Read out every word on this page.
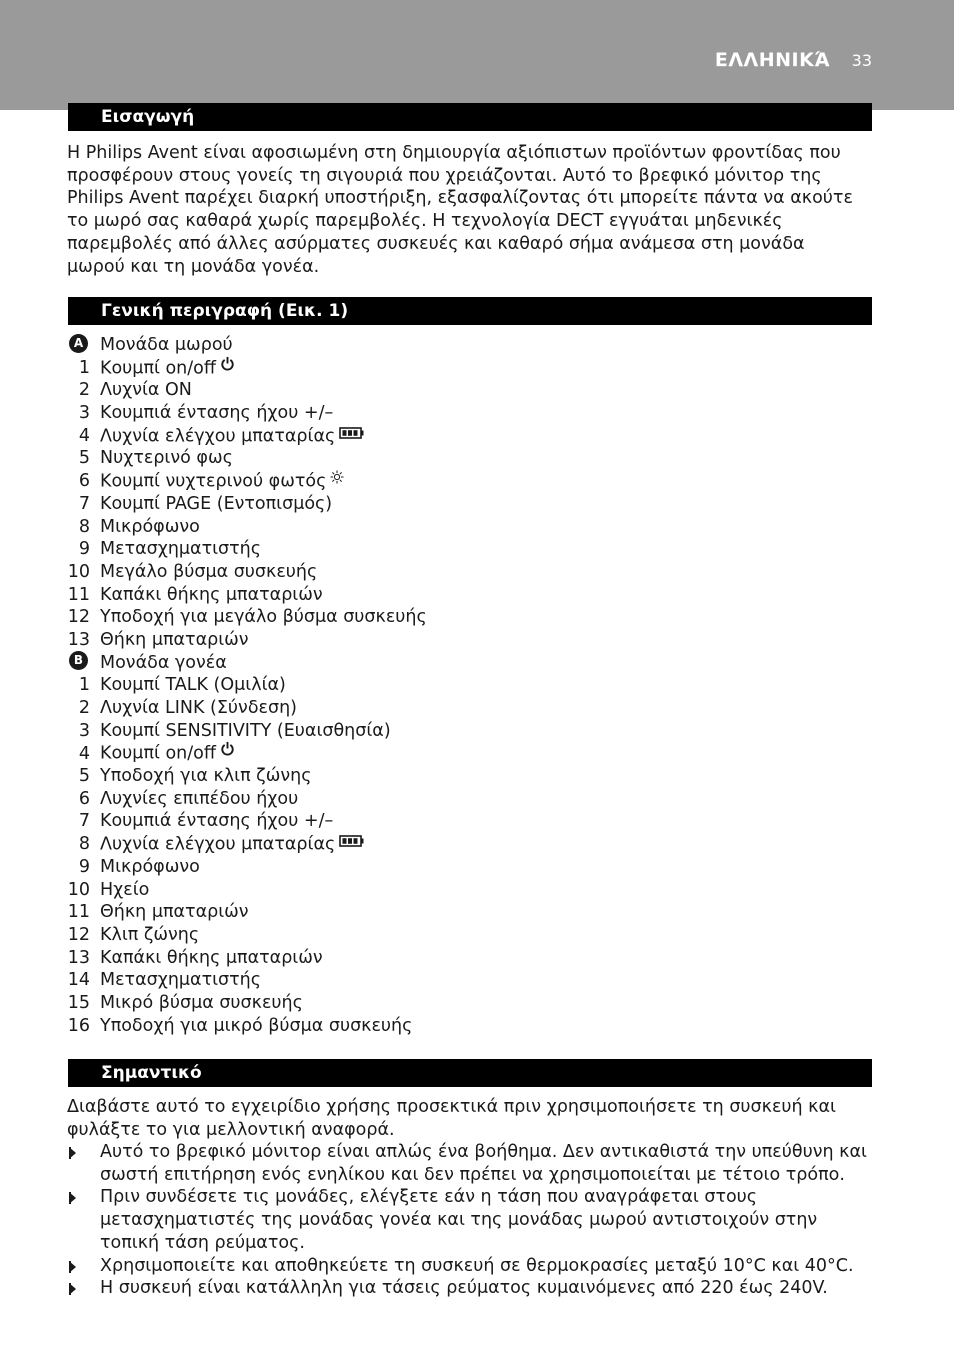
ΕΛΛΗΝΙΚΆ 33
Εισαγωγή

Η Philips Avent είναι αφοσιωμένη στη δημιουργία αξιόπιστων προϊόντων φροντίδας που προσφέρουν στους γονείς τη σιγουριά που χρειάζονται. Αυτό το βρεφικό μόνιτορ της Philips Avent παρέχει διαρκή υποστήριξη, εξασφαλίζοντας ότι μπορείτε πάντα να ακούτε το μωρό σας καθαρά χωρίς παρεμβολές. Η τεχνολογία DECT εγγυάται μηδενικές παρεμβολές από άλλες ασύρματες συσκευές και καθαρό σήμα ανάμεσα στη μονάδα μωρού και τη μονάδα γονέα.

Γενική περιγραφή (Εικ. 1)
A Μονάδα μωρού
1 Κουμπί on/off
2 Λυχνία ON
3 Κουμπιά έντασης ήχου +/–
4 Λυχνία ελέγχου μπαταρίας
5 Νυχτερινό φως
6 Κουμπί νυχτερινού φωτός
7 Κουμπί PAGE (Εντοπισμός)
8 Μικρόφωνο
9 Μετασχηματιστής
10 Μεγάλο βύσμα συσκευής
11 Καπάκι θήκης μπαταριών
12 Υποδοχή για μεγάλο βύσμα συσκευής
13 Θήκη μπαταριών
B Μονάδα γονέα
1 Κουμπί TALK (Ομιλία)
2 Λυχνία LINK (Σύνδεση)
3 Κουμπί SENSITIVITY (Ευαισθησία)
4 Κουμπί on/off
5 Υποδοχή για κλιπ ζώνης
6 Λυχνίες επιπέδου ήχου
7 Κουμπιά έντασης ήχου +/–
8 Λυχνία ελέγχου μπαταρίας
9 Μικρόφωνο
10 Ηχείο
11 Θήκη μπαταριών
12 Κλιπ ζώνης
13 Καπάκι θήκης μπαταριών
14 Μετασχηματιστής
15 Μικρό βύσμα συσκευής
16 Υποδοχή για μικρό βύσμα συσκευής
Σημαντικό

Διαβάστε αυτό το εγχειρίδιο χρήσης προσεκτικά πριν χρησιμοποιήσετε τη συσκευή και φυλάξτε το για μελλοντική αναφορά.

Αυτό το βρεφικό μόνιτορ είναι απλώς ένα βοήθημα. Δεν αντικαθιστά την υπεύθυνη και σωστή επιτήρηση ενός ενηλίκου και δεν πρέπει να χρησιμοποιείται με τέτοιο τρόπο.
Πριν συνδέσετε τις μονάδες, ελέγξετε εάν η τάση που αναγράφεται στους μετασχηματιστές της μονάδας γονέα και της μονάδας μωρού αντιστοιχούν στην τοπική τάση ρεύματος.
Χρησιμοποιείτε και αποθηκεύετε τη συσκευή σε θερμοκρασίες μεταξύ 10°C και 40°C.
Η συσκευή είναι κατάλληλη για τάσεις ρεύματος κυμαινόμενες από 220 έως 240V.
